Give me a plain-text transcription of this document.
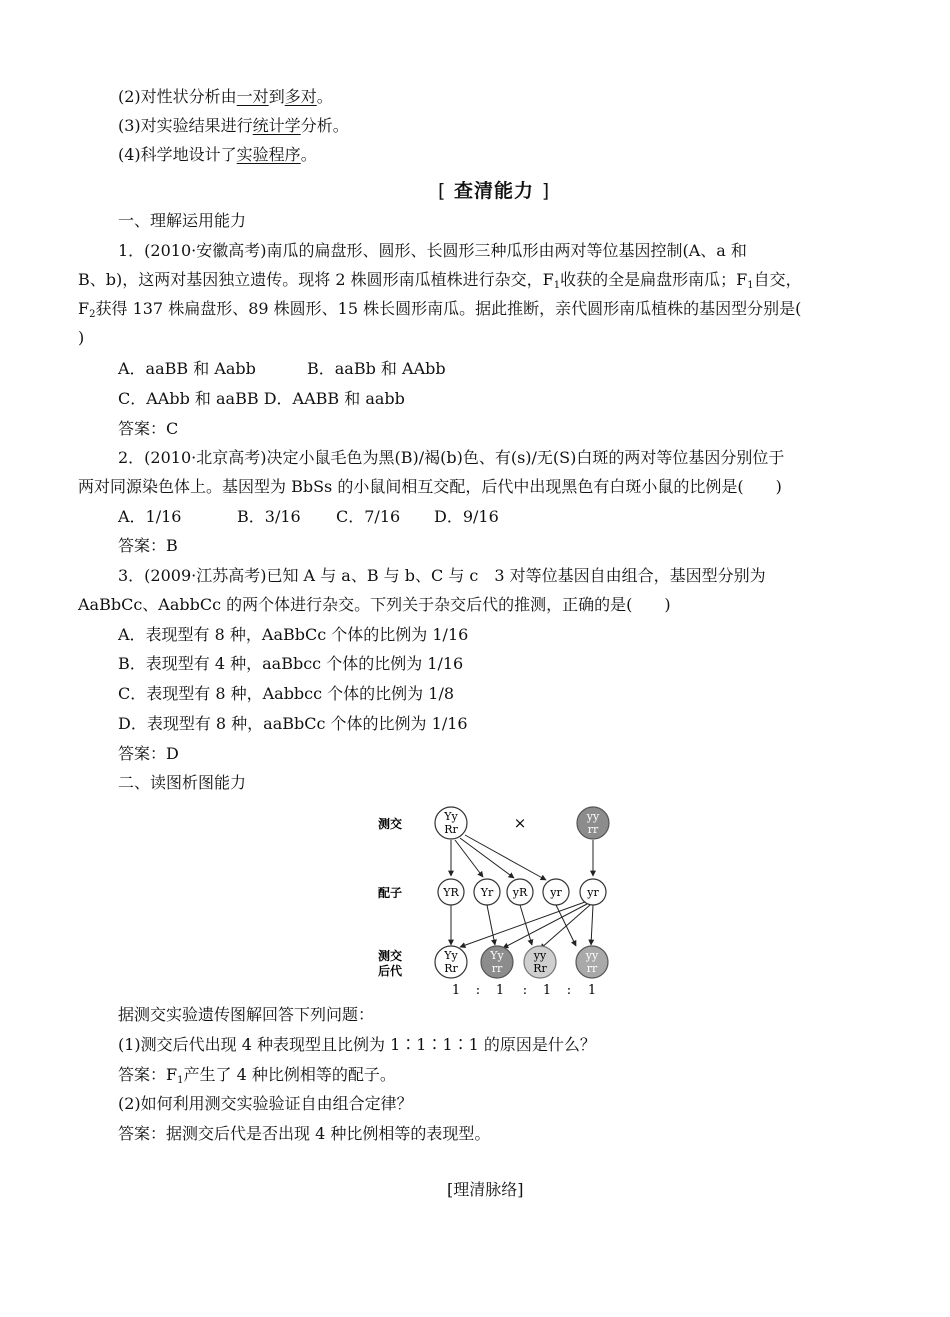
(2)对性状分析由一对到多对。
(3)对实验结果进行统计学分析。
(4)科学地设计了实验程序。
[ 查清能力 ]
一、理解运用能力
1．(2010·安徽高考)南瓜的扁盘形、圆形、长圆形三种瓜形由两对等位基因控制(A、a 和
B、b)，这两对基因独立遗传。现将 2 株圆形南瓜植株进行杂交，$F_1$收获的全是扁盘形南瓜；$F_1$自交，
$F_2$获得 137 株扁盘形、89 株圆形、15 株长圆形南瓜。据此推断，亲代圆形南瓜植株的基因型分别是(
)
A．aaBB 和 Aabb	B．aaBb 和 AAbb
C．AAbb 和 aaBB D．AABB 和 aabb
答案：C
2．(2010·北京高考)决定小鼠毛色为黑(B)/褐(b)色、有(s)/无(S)白斑的两对等位基因分别位于
两对同源染色体上。基因型为 BbSs 的小鼠间相互交配，后代中出现黑色有白斑小鼠的比例是(　　)
A．1/16	B．3/16 C．7/16 D．9/16
答案：B
3．(2009·江苏高考)已知 A 与 a、B 与 b、C 与 c　3 对等位基因自由组合，基因型分别为
AaBbCc、AabbCc 的两个体进行杂交。下列关于杂交后代的推测，正确的是(　　)
A．表现型有 8 种，AaBbCc 个体的比例为 1/16
B．表现型有 4 种，aaBbcc 个体的比例为 1/16
C．表现型有 8 种，Aabbcc 个体的比例为 1/8
D．表现型有 8 种，aaBbCc 个体的比例为 1/16
答案：D
二、读图析图能力
测交
配子
测交
后代
Yy
Rr	×	yy
rr
YR Yr yR yr yr
Yy
Rr
Yy
rr
yy
Rr
yy
rr
1 : 1 : 1 : 1
据测交实验遗传图解回答下列问题：
(1)测交后代出现 4 种表现型且比例为 1∶1∶1∶1 的原因是什么？
答案：$F_1$产生了 4 种比例相等的配子。
(2)如何利用测交实验验证自由组合定律？
答案：据测交后代是否出现 4 种比例相等的表现型。
[理清脉络]
